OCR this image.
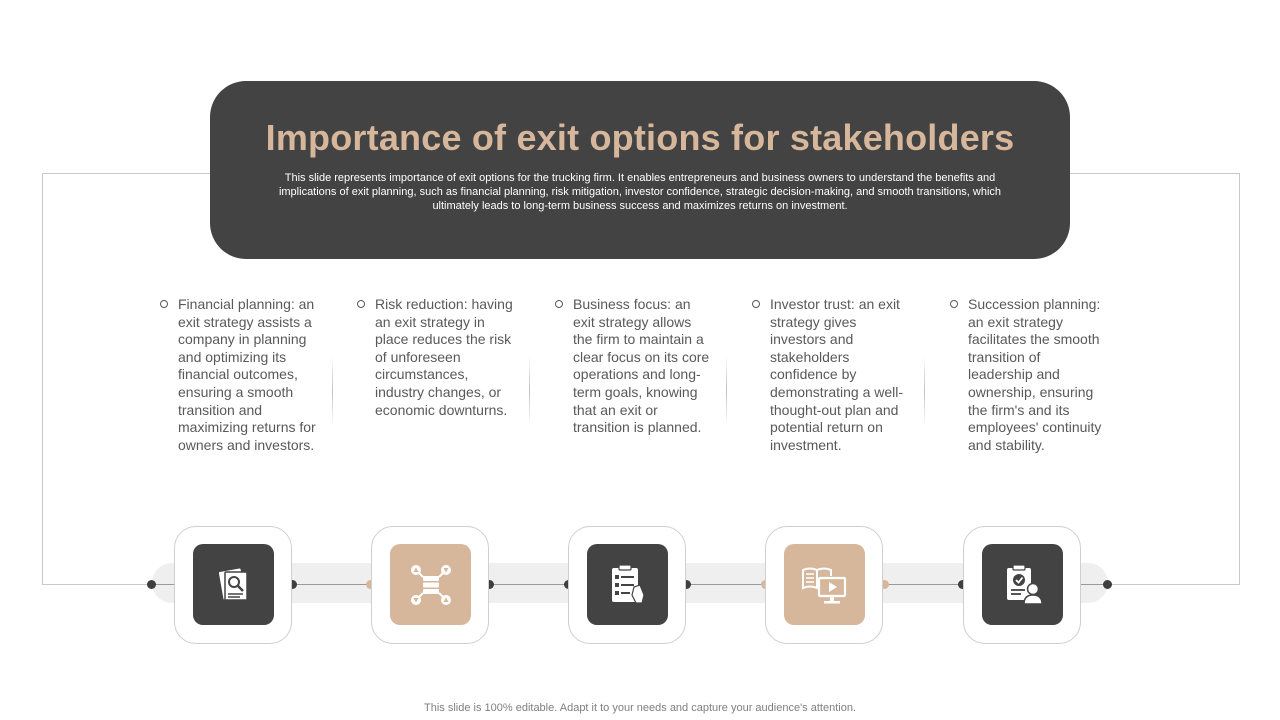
Importance of exit options for stakeholders

This slide represents importance of exit options for the trucking firm. It enables entrepreneurs and business owners to understand the benefits and implications of exit planning, such as financial planning, risk mitigation, investor confidence, strategic decision-making, and smooth transitions, which ultimately leads to long-term business success and maximizes returns on investment.

Financial planning: an exit strategy assists a company in planning and optimizing its financial outcomes, ensuring a smooth transition and maximizing returns for owners and investors.
Risk reduction: having an exit strategy in place reduces the risk of unforeseen circumstances, industry changes, or economic downturns.
Business focus: an exit strategy allows the firm to maintain a clear focus on its core operations and long-term goals, knowing that an exit or transition is planned.
Investor trust: an exit strategy gives investors and stakeholders confidence by demonstrating a well-thought-out plan and potential return on investment.
Succession planning: an exit strategy facilitates the smooth transition of leadership and ownership, ensuring the firm's and its employees' continuity and stability.
This slide is 100% editable. Adapt it to your needs and capture your audience's attention.
